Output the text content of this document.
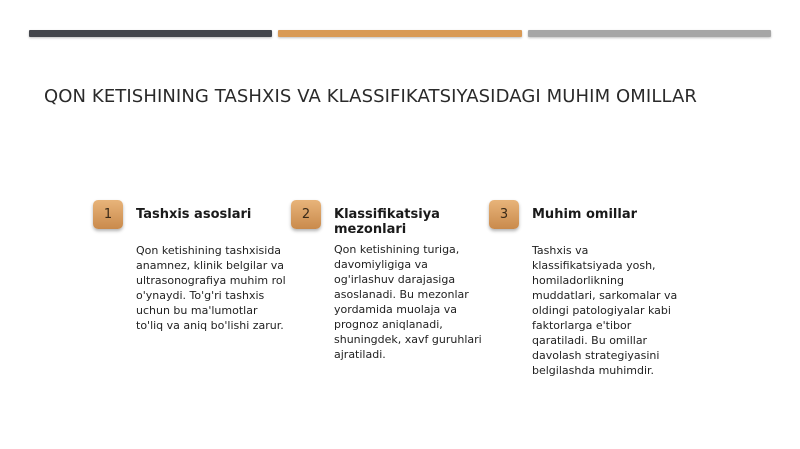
QON KETISHINING TASHXIS VA KLASSIFIKATSIYASIDAGI MUHIM OMILLAR
1	Tashxis asoslari
Qon ketishining tashxisida anamnez, klinik belgilar va ultrasonografiya muhim rol o'ynaydi. To'g'ri tashxis uchun bu ma'lumotlar to'liq va aniq bo'lishi zarur.
2	Klassifikatsiya mezonlari
Qon ketishining turiga, davomiyligiga va og'irlashuv darajasiga asoslanadi. Bu mezonlar yordamida muolaja va prognoz aniqlanadi, shuningdek, xavf guruhlari ajratiladi.
3	Muhim omillar
Tashxis va klassifikatsiyada yosh, homiladorlikning muddatlari, sarkomalar va oldingi patologiyalar kabi faktorlarga e'tibor qaratiladi. Bu omillar davolash strategiyasini belgilashda muhimdir.
